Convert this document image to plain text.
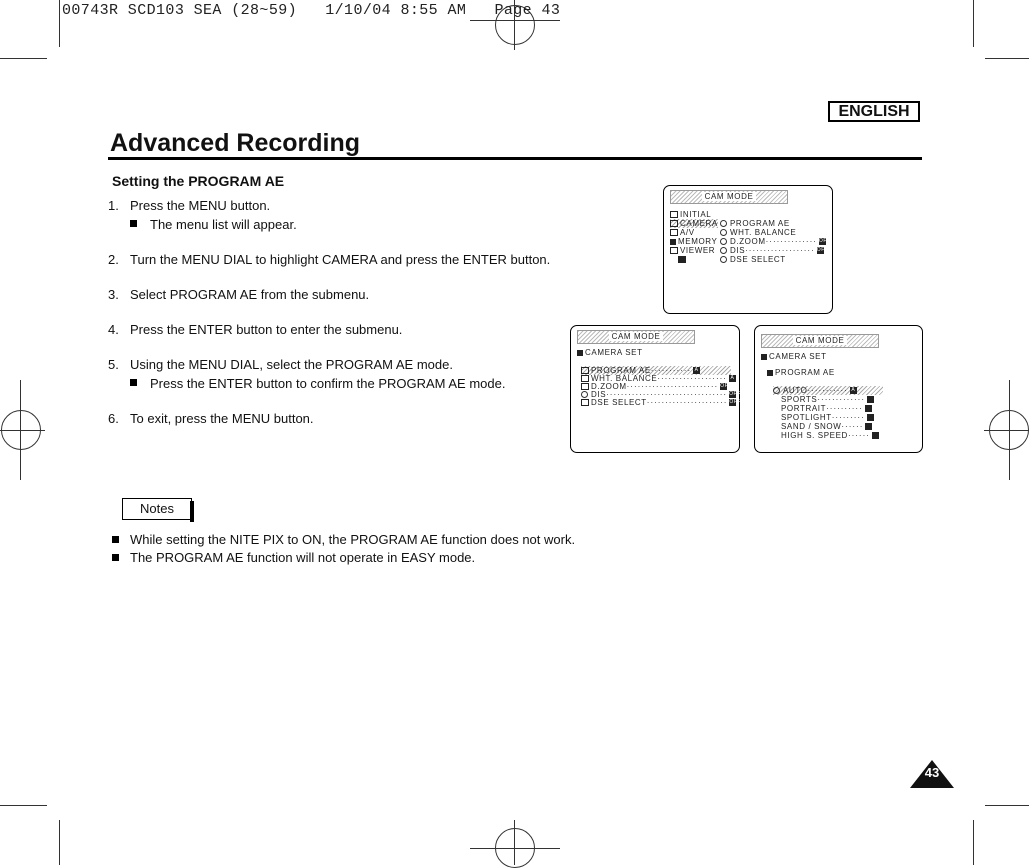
00743R SCD103 SEA (28~59)   1/10/04 8:55 AM   Page 43
ENGLISH
Advanced Recording
Setting the PROGRAM AE
1. Press the MENU button.
The menu list will appear.
2. Turn the MENU DIAL to highlight CAMERA and press the ENTER button.
3. Select PROGRAM AE from the submenu.
4. Press the ENTER button to enter the submenu.
5. Using the MENU DIAL, select the PROGRAM AE mode.
Press the ENTER button to confirm the PROGRAM AE mode.
6. To exit, press the MENU button.
CAM MODE
INITIAL
CAMERA
A/V
MEMORY
VIEWER
PROGRAM AE
WHT. BALANCE
D.ZOOM·············· OFF
DIS··················· OFF
DSE SELECT
CAM MODE
CAMERA SET
PROGRAM AE··········· A
WHT. BALANCE··················· A
D.ZOOM························· OFF
DIS································· OFF
DSE SELECT······················ OFF
CAM MODE
CAMERA SET
PROGRAM AE
AUTO··········· A
SPORTS·············
PORTRAIT··········
SPOTLIGHT·········
SAND / SNOW······
HIGH S. SPEED······
Notes
While setting the NITE PIX to ON, the PROGRAM AE function does not work.
The PROGRAM AE function will not operate in EASY mode.
43
